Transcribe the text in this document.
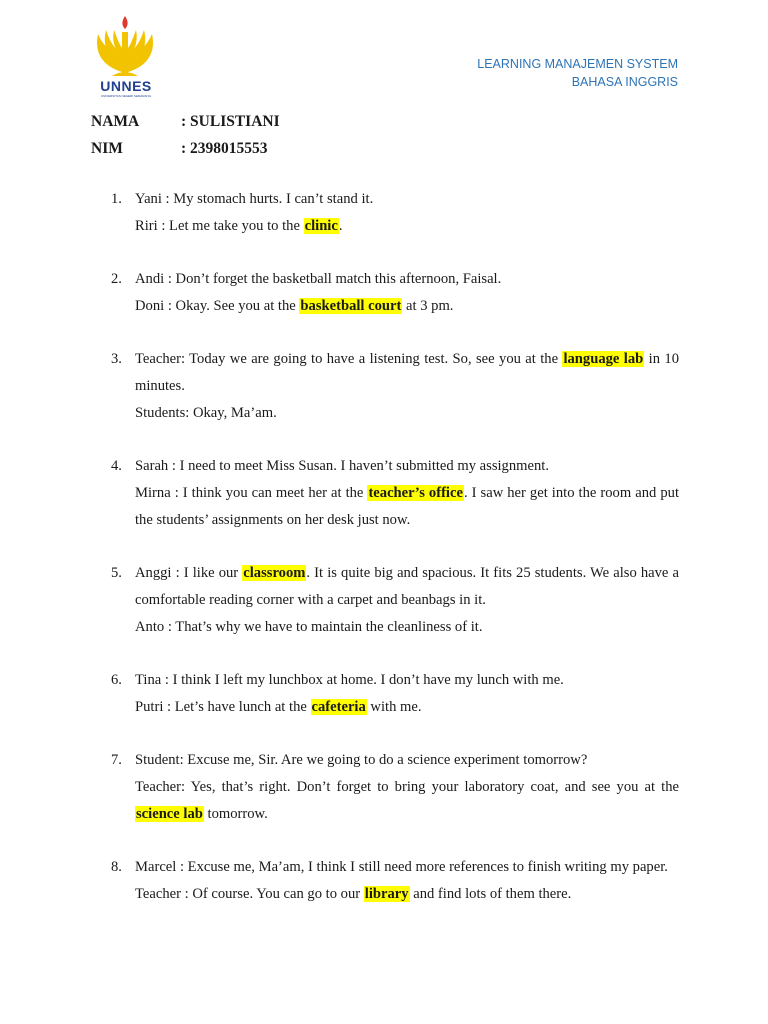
UNNES
UNIVERSITAS NEGERI SEMARANG
LEARNING MANAJEMEN SYSTEM
BAHASA INGGRIS
NAMA	: SULISTIANI
NIM	: 2398015553
1. Yani : My stomach hurts. I can’t stand it.
Riri : Let me take you to the clinic.
2. Andi : Don’t forget the basketball match this afternoon, Faisal.
Doni : Okay. See you at the basketball court at 3 pm.
3. Teacher: Today we are going to have a listening test. So, see you at the language lab in 10 minutes.
Students: Okay, Ma’am.
4. Sarah : I need to meet Miss Susan. I haven’t submitted my assignment.
Mirna : I think you can meet her at the teacher’s office. I saw her get into the room and put the students’ assignments on her desk just now.
5. Anggi : I like our classroom. It is quite big and spacious. It fits 25 students. We also have a comfortable reading corner with a carpet and beanbags in it.
Anto : That’s why we have to maintain the cleanliness of it.
6. Tina : I think I left my lunchbox at home. I don’t have my lunch with me.
Putri : Let’s have lunch at the cafeteria with me.
7. Student: Excuse me, Sir. Are we going to do a science experiment tomorrow?
Teacher: Yes, that’s right. Don’t forget to bring your laboratory coat, and see you at the science lab tomorrow.
8. Marcel : Excuse me, Ma’am, I think I still need more references to finish writing my paper.
Teacher : Of course. You can go to our library and find lots of them there.
